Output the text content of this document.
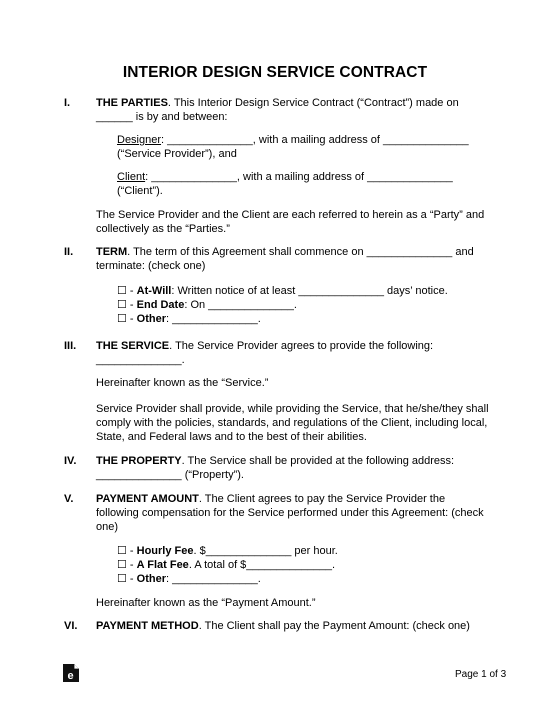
INTERIOR DESIGN SERVICE CONTRACT
I. THE PARTIES. This Interior Design Service Contract (“Contract”) made on
______ is by and between:
Designer: ______________, with a mailing address of ______________
(“Service Provider”), and
Client: ______________, with a mailing address of ______________
(“Client”).
The Service Provider and the Client are each referred to herein as a “Party” and
collectively as the “Parties.”
II. TERM. The term of this Agreement shall commence on ______________ and
terminate: (check one)
☐ - At-Will: Written notice of at least ______________ days’ notice.
☐ - End Date: On ______________.
☐ - Other: ______________.
III. THE SERVICE. The Service Provider agrees to provide the following:
______________.
Hereinafter known as the “Service.”
Service Provider shall provide, while providing the Service, that he/she/they shall
comply with the policies, standards, and regulations of the Client, including local,
State, and Federal laws and to the best of their abilities.
IV. THE PROPERTY. The Service shall be provided at the following address:
______________ (“Property”).
V. PAYMENT AMOUNT. The Client agrees to pay the Service Provider the
following compensation for the Service performed under this Agreement: (check
one)
☐ - Hourly Fee. $______________ per hour.
☐ - A Flat Fee. A total of $______________.
☐ - Other: ______________.
Hereinafter known as the “Payment Amount.”
VI. PAYMENT METHOD. The Client shall pay the Payment Amount: (check one)
e	Page 1 of 3
